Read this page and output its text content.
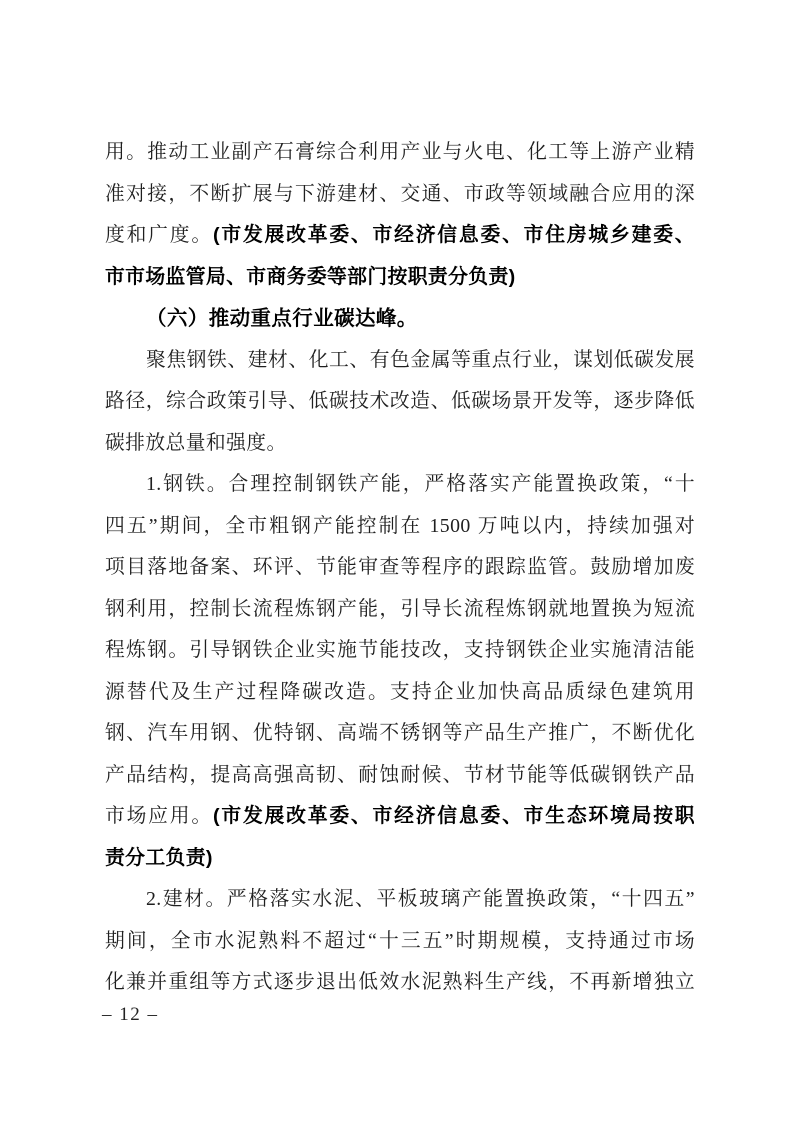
用。推动工业副产石膏综合利用产业与火电、化工等上游产业精
准对接，不断扩展与下游建材、交通、市政等领域融合应用的深
度和广度。(市发展改革委、市经济信息委、市住房城乡建委、
市市场监管局、市商务委等部门按职责分负责)
（六）推动重点行业碳达峰。
聚焦钢铁、建材、化工、有色金属等重点行业，谋划低碳发展
路径，综合政策引导、低碳技术改造、低碳场景开发等，逐步降低
碳排放总量和强度。
1.钢铁。合理控制钢铁产能，严格落实产能置换政策，“十
四五”期间，全市粗钢产能控制在 1500 万吨以内，持续加强对
项目落地备案、环评、节能审查等程序的跟踪监管。鼓励增加废
钢利用，控制长流程炼钢产能，引导长流程炼钢就地置换为短流
程炼钢。引导钢铁企业实施节能技改，支持钢铁企业实施清洁能
源替代及生产过程降碳改造。支持企业加快高品质绿色建筑用
钢、汽车用钢、优特钢、高端不锈钢等产品生产推广，不断优化
产品结构，提高高强高韧、耐蚀耐候、节材节能等低碳钢铁产品
市场应用。(市发展改革委、市经济信息委、市生态环境局按职
责分工负责)
2.建材。严格落实水泥、平板玻璃产能置换政策，“十四五”
期间，全市水泥熟料不超过“十三五”时期规模，支持通过市场
化兼并重组等方式逐步退出低效水泥熟料生产线，不再新增独立
– 12 –
